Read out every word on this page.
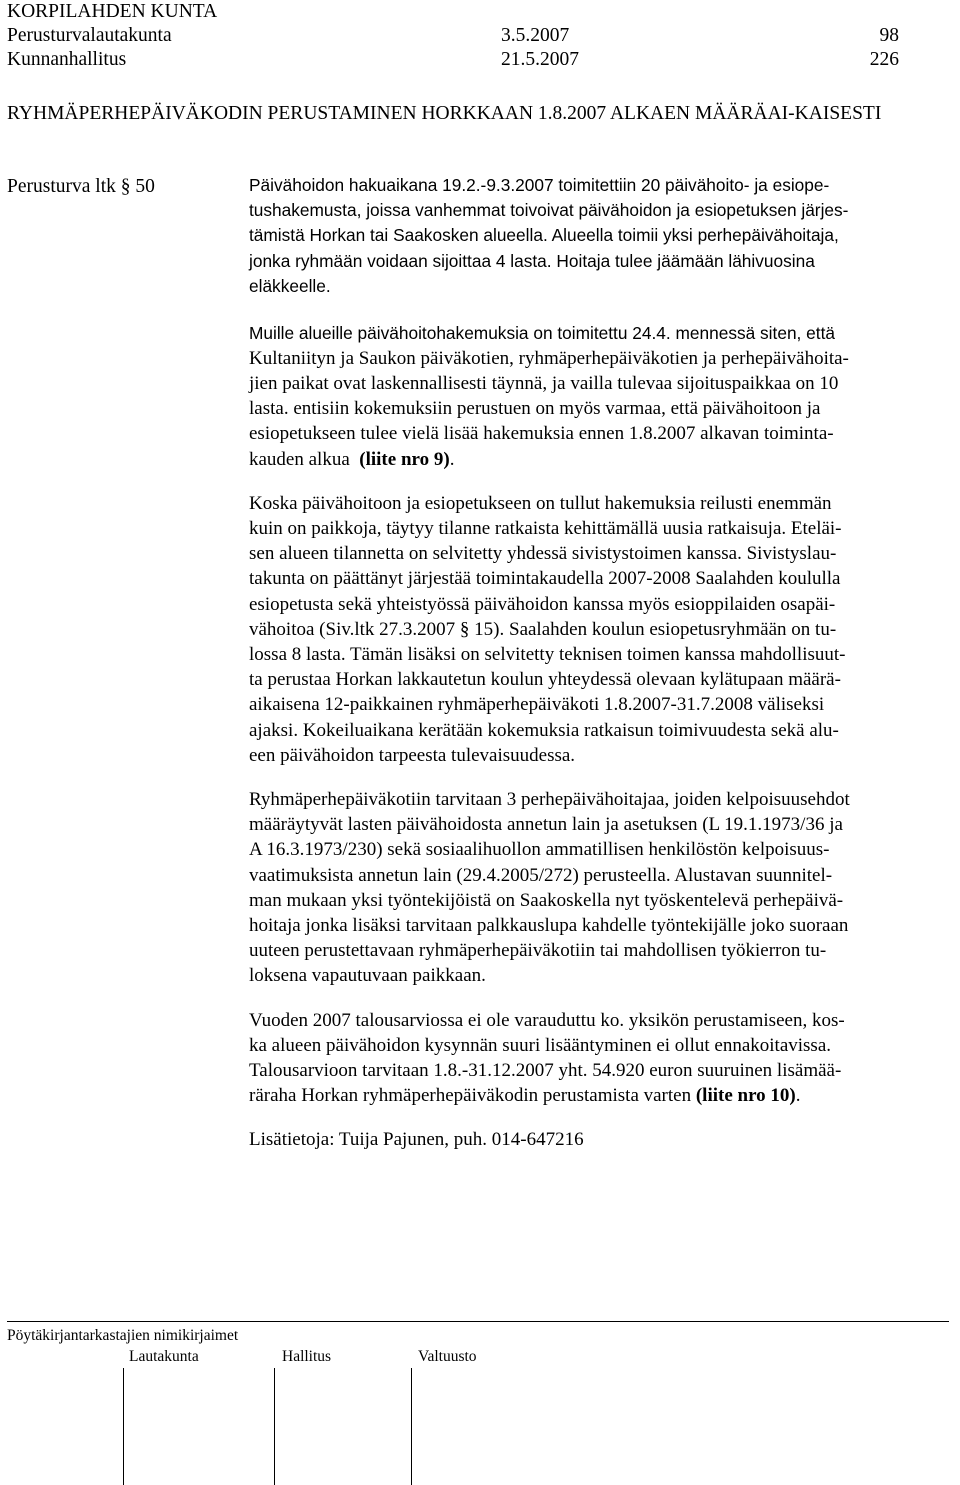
KORPILAHDEN KUNTA
Perusturvalautakunta	3.5.2007	98
Kunnanhallitus	21.5.2007	226
RYHMÄPERHEPÄIVÄKODIN PERUSTAMINEN HORKKAAN 1.8.2007 ALKAEN MÄÄRÄAI-KAISESTI
Perusturva ltk § 50	Päivähoidon hakuaikana 19.2.-9.3.2007 toimitettiin 20 päivähoito- ja esiope-
tushakemusta, joissa vanhemmat toivoivat päivähoidon ja esiopetuksen järjes-
tämistä Horkan tai Saakosken alueella. Alueella toimii yksi perhepäivähoitaja,
jonka ryhmään voidaan sijoittaa 4 lasta. Hoitaja tulee jäämään lähivuosina
eläkkeelle.
Muille alueille päivähoitohakemuksia on toimitettu 24.4. mennessä siten, että
Kultaniityn ja Saukon päiväkotien, ryhmäperhepäiväkotien ja perhepäivähoita-
jien paikat ovat laskennallisesti täynnä, ja vailla tulevaa sijoituspaikkaa on 10
lasta. entisiin kokemuksiin perustuen on myös varmaa, että päivähoitoon ja
esiopetukseen tulee vielä lisää hakemuksia ennen 1.8.2007 alkavan toiminta-
kauden alkua (liite nro 9).
Koska päivähoitoon ja esiopetukseen on tullut hakemuksia reilusti enemmän
kuin on paikkoja, täytyy tilanne ratkaista kehittämällä uusia ratkaisuja. Eteläi-
sen alueen tilannetta on selvitetty yhdessä sivistystoimen kanssa. Sivistyslau-
takunta on päättänyt järjestää toimintakaudella 2007-2008 Saalahden koululla
esiopetusta sekä yhteistyössä päivähoidon kanssa myös esioppilaiden osapäi-
vähoitoa (Siv.ltk 27.3.2007 § 15). Saalahden koulun esiopetusryhmään on tu-
lossa 8 lasta. Tämän lisäksi on selvitetty teknisen toimen kanssa mahdollisuut-
ta perustaa Horkan lakkautetun koulun yhteydessä olevaan kylätupaan määrä-
aikaisena 12-paikkainen ryhmäperhepäiväkoti 1.8.2007-31.7.2008 väliseksi
ajaksi. Kokeiluaikana kerätään kokemuksia ratkaisun toimivuudesta sekä alu-
een päivähoidon tarpeesta tulevaisuudessa.
Ryhmäperhepäiväkotiin tarvitaan 3 perhepäivähoitajaa, joiden kelpoisuusehdot
määräytyvät lasten päivähoidosta annetun lain ja asetuksen (L 19.1.1973/36 ja
A 16.3.1973/230) sekä sosiaalihuollon ammatillisen henkilöstön kelpoisuus-
vaatimuksista annetun lain (29.4.2005/272) perusteella. Alustavan suunnitel-
man mukaan yksi työntekijöistä on Saakoskella nyt työskentelevä perhepäivä-
hoitaja jonka lisäksi tarvitaan palkkauslupa kahdelle työntekijälle joko suoraan
uuteen perustettavaan ryhmäperhepäiväkotiin tai mahdollisen työkierron tu-
loksena vapautuvaan paikkaan.
Vuoden 2007 talousarviossa ei ole varauduttu ko. yksikön perustamiseen, kos-
ka alueen päivähoidon kysynnän suuri lisääntyminen ei ollut ennakoitavissa.
Talousarvioon tarvitaan 1.8.-31.12.2007 yht. 54.920 euron suuruinen lisämää-
räraha Horkan ryhmäperhepäiväkodin perustamista varten (liite nro 10).
Lisätietoja: Tuija Pajunen, puh. 014-647216
Pöytäkirjantarkastajien nimikirjaimet
Lautakunta	Hallitus	Valtuusto
